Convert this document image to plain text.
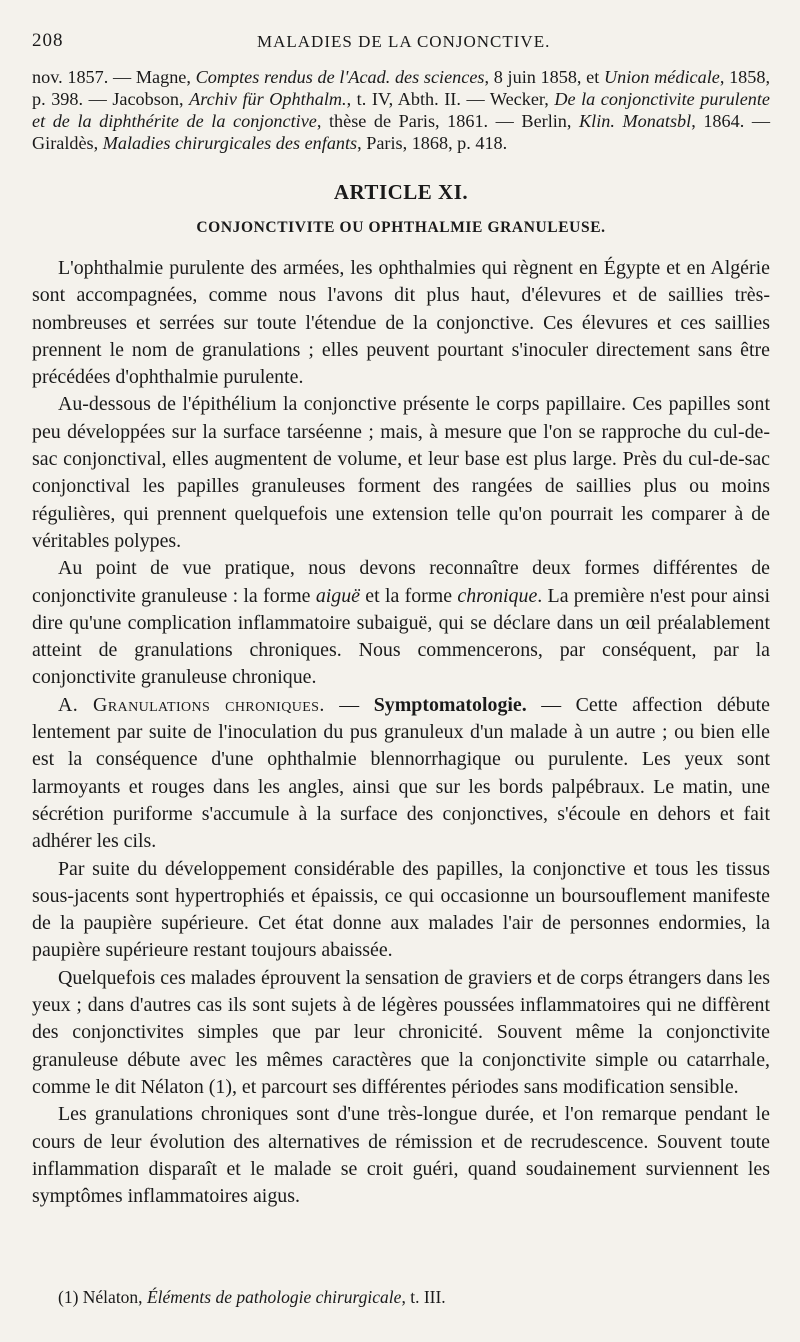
208	MALADIES DE LA CONJONCTIVE.
nov. 1857. — Magne, Comptes rendus de l'Acad. des sciences, 8 juin 1858, et Union médicale, 1858, p. 398. — Jacobson, Archiv für Ophthalm., t. IV, Abth. II. — Wecker, De la conjonctivite purulente et de la diphthérite de la conjonctive, thèse de Paris, 1861. — Berlin, Klin. Monatsbl, 1864. — Giraldès, Maladies chirurgicales des enfants, Paris, 1868, p. 418.
ARTICLE XI.
CONJONCTIVITE OU OPHTHALMIE GRANULEUSE.

L'ophthalmie purulente des armées, les ophthalmies qui règnent en Égypte et en Algérie sont accompagnées, comme nous l'avons dit plus haut, d'élevures et de saillies très-nombreuses et serrées sur toute l'étendue de la conjonctive. Ces élevures et ces saillies prennent le nom de granulations ; elles peuvent pourtant s'inoculer directement sans être précédées d'ophthalmie purulente.

Au-dessous de l'épithélium la conjonctive présente le corps papillaire. Ces papilles sont peu développées sur la surface tarséenne ; mais, à mesure que l'on se rapproche du cul-de-sac conjonctival, elles augmentent de volume, et leur base est plus large. Près du cul-de-sac conjonctival les papilles granuleuses forment des rangées de saillies plus ou moins régulières, qui prennent quelquefois une extension telle qu'on pourrait les comparer à de véritables polypes.

Au point de vue pratique, nous devons reconnaître deux formes différentes de conjonctivite granuleuse : la forme aiguë et la forme chronique. La première n'est pour ainsi dire qu'une complication inflammatoire subaiguë, qui se déclare dans un œil préalablement atteint de granulations chroniques. Nous commencerons, par conséquent, par la conjonctivite granuleuse chronique.

A. Granulations chroniques. — Symptomatologie. — Cette affection débute lentement par suite de l'inoculation du pus granuleux d'un malade à un autre ; ou bien elle est la conséquence d'une ophthalmie blennorrhagique ou purulente. Les yeux sont larmoyants et rouges dans les angles, ainsi que sur les bords palpébraux. Le matin, une sécrétion puriforme s'accumule à la surface des conjonctives, s'écoule en dehors et fait adhérer les cils.

Par suite du développement considérable des papilles, la conjonctive et tous les tissus sous-jacents sont hypertrophiés et épaissis, ce qui occasionne un boursouflement manifeste de la paupière supérieure. Cet état donne aux malades l'air de personnes endormies, la paupière supérieure restant toujours abaissée.

Quelquefois ces malades éprouvent la sensation de graviers et de corps étrangers dans les yeux ; dans d'autres cas ils sont sujets à de légères poussées inflammatoires qui ne diffèrent des conjonctivites simples que par leur chronicité. Souvent même la conjonctivite granuleuse débute avec les mêmes caractères que la conjonctivite simple ou catarrhale, comme le dit Nélaton (1), et parcourt ses différentes périodes sans modification sensible.

Les granulations chroniques sont d'une très-longue durée, et l'on remarque pendant le cours de leur évolution des alternatives de rémission et de recrudescence. Souvent toute inflammation disparaît et le malade se croit guéri, quand soudainement surviennent les symptômes inflammatoires aigus.

(1) Nélaton, Éléments de pathologie chirurgicale, t. III.
